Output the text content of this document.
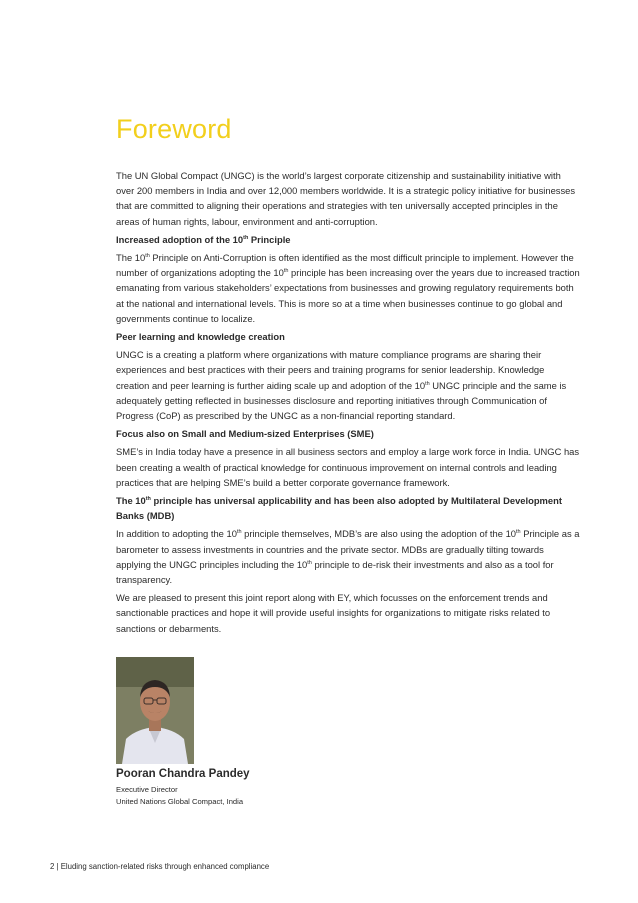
Foreword

The UN Global Compact (UNGC) is the world’s largest corporate citizenship and sustainability initiative with over 200 members in India and over 12,000 members worldwide. It is a strategic policy initiative for businesses that are committed to aligning their operations and strategies with ten universally accepted principles in the areas of human rights, labour, environment and anti-corruption.

Increased adoption of the 10th Principle

The 10th Principle on Anti-Corruption is often identified as the most difficult principle to implement. However the number of organizations adopting the 10th principle has been increasing over the years due to increased traction emanating from various stakeholders’ expectations from businesses and growing regulatory requirements both at the national and international levels. This is more so at a time when businesses continue to go global and governments continue to localize.

Peer learning and knowledge creation

UNGC is a creating a platform where organizations with mature compliance programs are sharing their experiences and best practices with their peers and training programs for senior leadership. Knowledge creation and peer learning is further aiding scale up and adoption of the 10th UNGC principle and the same is adequately getting reflected in businesses disclosure and reporting initiatives through Communication of Progress (CoP) as prescribed by the UNGC as a non-financial reporting standard.

Focus also on Small and Medium-sized Enterprises (SME)

SME’s in India today have a presence in all business sectors and employ a large work force in India. UNGC has been creating a wealth of practical knowledge for continuous improvement on internal controls and leading practices that are helping SME’s build a better corporate governance framework.

The 10th principle has universal applicability and has been also adopted by Multilateral Development Banks (MDB)

In addition to adopting the 10th principle themselves, MDB’s are also using the adoption of the 10th Principle as a barometer to assess investments in countries and the private sector. MDBs are gradually tilting towards applying the UNGC principles including the 10th principle to de-risk their investments and also as a tool for transparency.

We are pleased to present this joint report along with EY, which focusses on the enforcement trends and sanctionable practices and hope it will provide useful insights for organizations to mitigate risks related to sanctions or debarments.

Pooran Chandra Pandey
Executive Director
United Nations Global Compact, India
2 | Eluding sanction-related risks through enhanced compliance
